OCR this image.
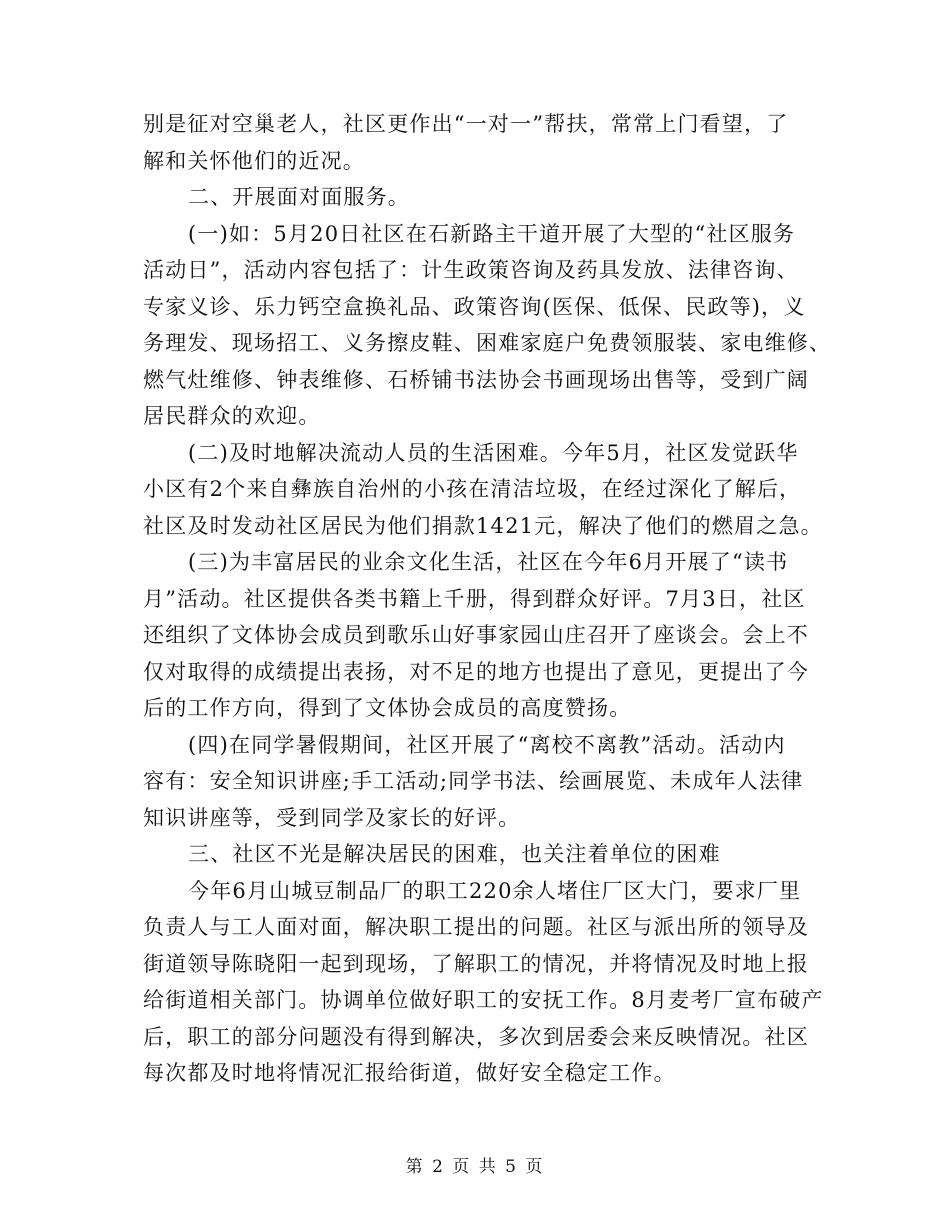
别是征对空巢老人，社区更作出“一对一”帮扶，常常上门看望，了
解和关怀他们的近况。
二、开展面对面服务。
(一)如：5月20日社区在石新路主干道开展了大型的“社区服务
活动日”，活动内容包括了：计生政策咨询及药具发放、法律咨询、
专家义诊、乐力钙空盒换礼品、政策咨询(医保、低保、民政等)，义
务理发、现场招工、义务擦皮鞋、困难家庭户免费领服装、家电维修、
燃气灶维修、钟表维修、石桥铺书法协会书画现场出售等，受到广阔
居民群众的欢迎。
(二)及时地解决流动人员的生活困难。今年5月，社区发觉跃华
小区有2个来自彝族自治州的小孩在清洁垃圾，在经过深化了解后，
社区及时发动社区居民为他们捐款1421元，解决了他们的燃眉之急。
(三)为丰富居民的业余文化生活，社区在今年6月开展了“读书
月”活动。社区提供各类书籍上千册，得到群众好评。7月3日，社区
还组织了文体协会成员到歌乐山好事家园山庄召开了座谈会。会上不
仅对取得的成绩提出表扬，对不足的地方也提出了意见，更提出了今
后的工作方向，得到了文体协会成员的高度赞扬。
(四)在同学暑假期间，社区开展了“离校不离教”活动。活动内
容有：安全知识讲座;手工活动;同学书法、绘画展览、未成年人法律
知识讲座等，受到同学及家长的好评。
三、社区不光是解决居民的困难，也关注着单位的困难
今年6月山城豆制品厂的职工220余人堵住厂区大门，要求厂里
负责人与工人面对面，解决职工提出的问题。社区与派出所的领导及
街道领导陈晓阳一起到现场，了解职工的情况，并将情况及时地上报
给街道相关部门。协调单位做好职工的安抚工作。8月麦考厂宣布破产
后，职工的部分问题没有得到解决，多次到居委会来反映情况。社区
每次都及时地将情况汇报给街道，做好安全稳定工作。
第 2 页 共 5 页
